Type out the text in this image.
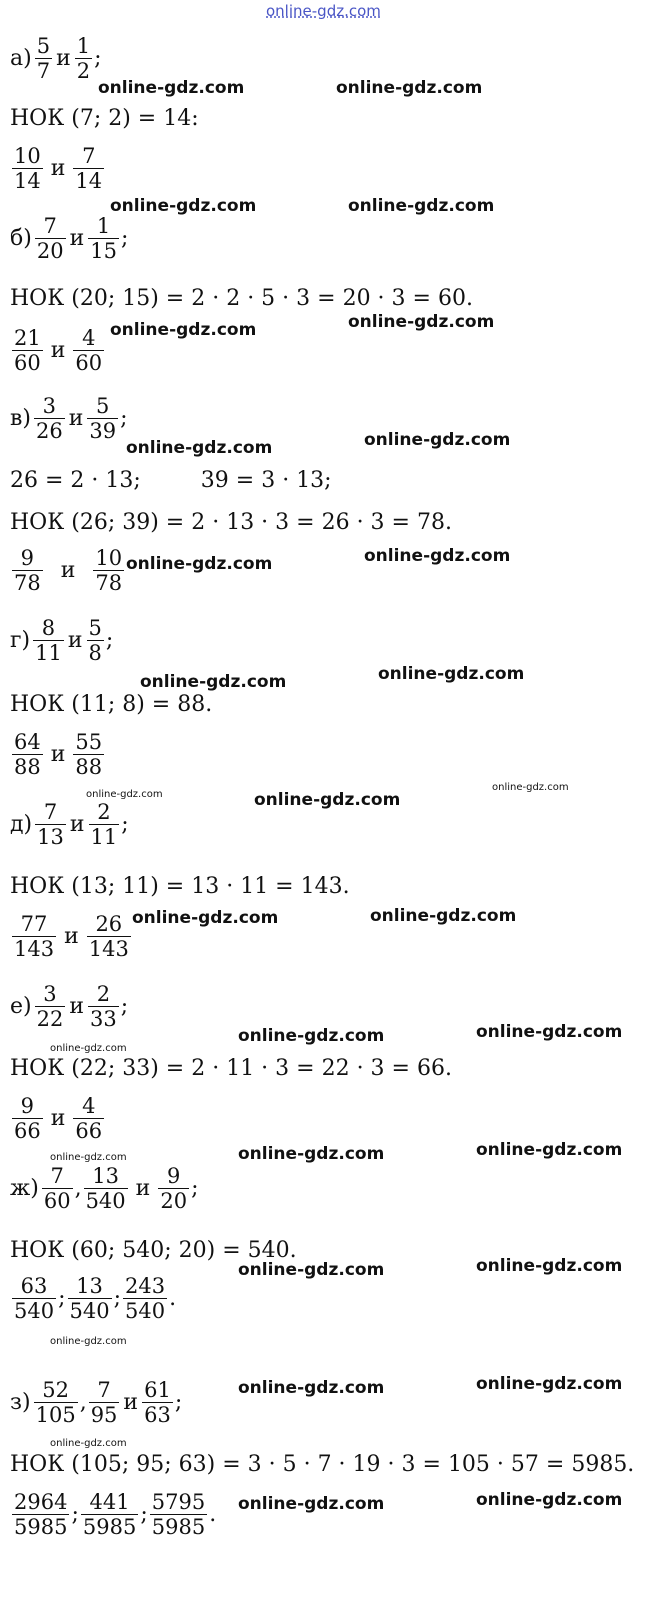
online-gdz.com
$а) \frac{5}{7}$ и $\frac{1}{2}$ ;
НОК (7; 2) = 14:
$\frac{10}{14}$ и $\frac{7}{14}$
$б) \frac{7}{20}$ и $\frac{1}{15}$ ;
НОК (20; 15) = 2 · 2 · 5 · 3 = 20 · 3 = 60.
$\frac{21}{60}$ и $\frac{4}{60}$
$в) \frac{3}{26}$ и $\frac{5}{39}$ ;
26 = 2 · 13;	39 = 3 · 13;
НОК (26; 39) = 2 · 13 · 3 = 26 · 3 = 78.
$\frac{9}{78}$ и $\frac{10}{78}$
$г) \frac{8}{11}$ и $\frac{5}{8}$ ;
НОК (11; 8) = 88.
$\frac{64}{88}$ и $\frac{55}{88}$
$д) \frac{7}{13}$ и $\frac{2}{11}$ ;
НОК (13; 11) = 13 · 11 = 143.
$\frac{77}{143}$ и $\frac{26}{143}$
$е) \frac{3}{22}$ и $\frac{2}{33}$ ;
НОК (22; 33) = 2 · 11 · 3 = 22 · 3 = 66.
$\frac{9}{66}$ и $\frac{4}{66}$
$ж) \frac{7}{60}$ , $\frac{13}{540}$ и $\frac{9}{20}$ ;
НОК (60; 540; 20) = 540.
$\frac{63}{540}$ ; $\frac{13}{540}$ ; $\frac{243}{540}$ .
$з) \frac{52}{105}$ , $\frac{7}{95}$ и $\frac{61}{63}$ ;
НОК (105; 95; 63) = 3 · 5 · 7 · 19 · 3 = 105 · 57 = 5985.
$\frac{2964}{5985}$ ; $\frac{441}{5985}$ ; $\frac{5795}{5985}$ .
online-gdz.com	online-gdz.com
online-gdz.com	online-gdz.com
online-gdz.com	online-gdz.com
online-gdz.com	online-gdz.com
online-gdz.com	online-gdz.com
online-gdz.com	online-gdz.com
online-gdz.com	online-gdz.com
online-gdz.com
online-gdz.com	online-gdz.com
online-gdz.com	online-gdz.com
online-gdz.com
online-gdz.com	online-gdz.com
online-gdz.com
online-gdz.com	online-gdz.com
online-gdz.com
online-gdz.com	online-gdz.com
online-gdz.com
online-gdz.com	online-gdz.com
